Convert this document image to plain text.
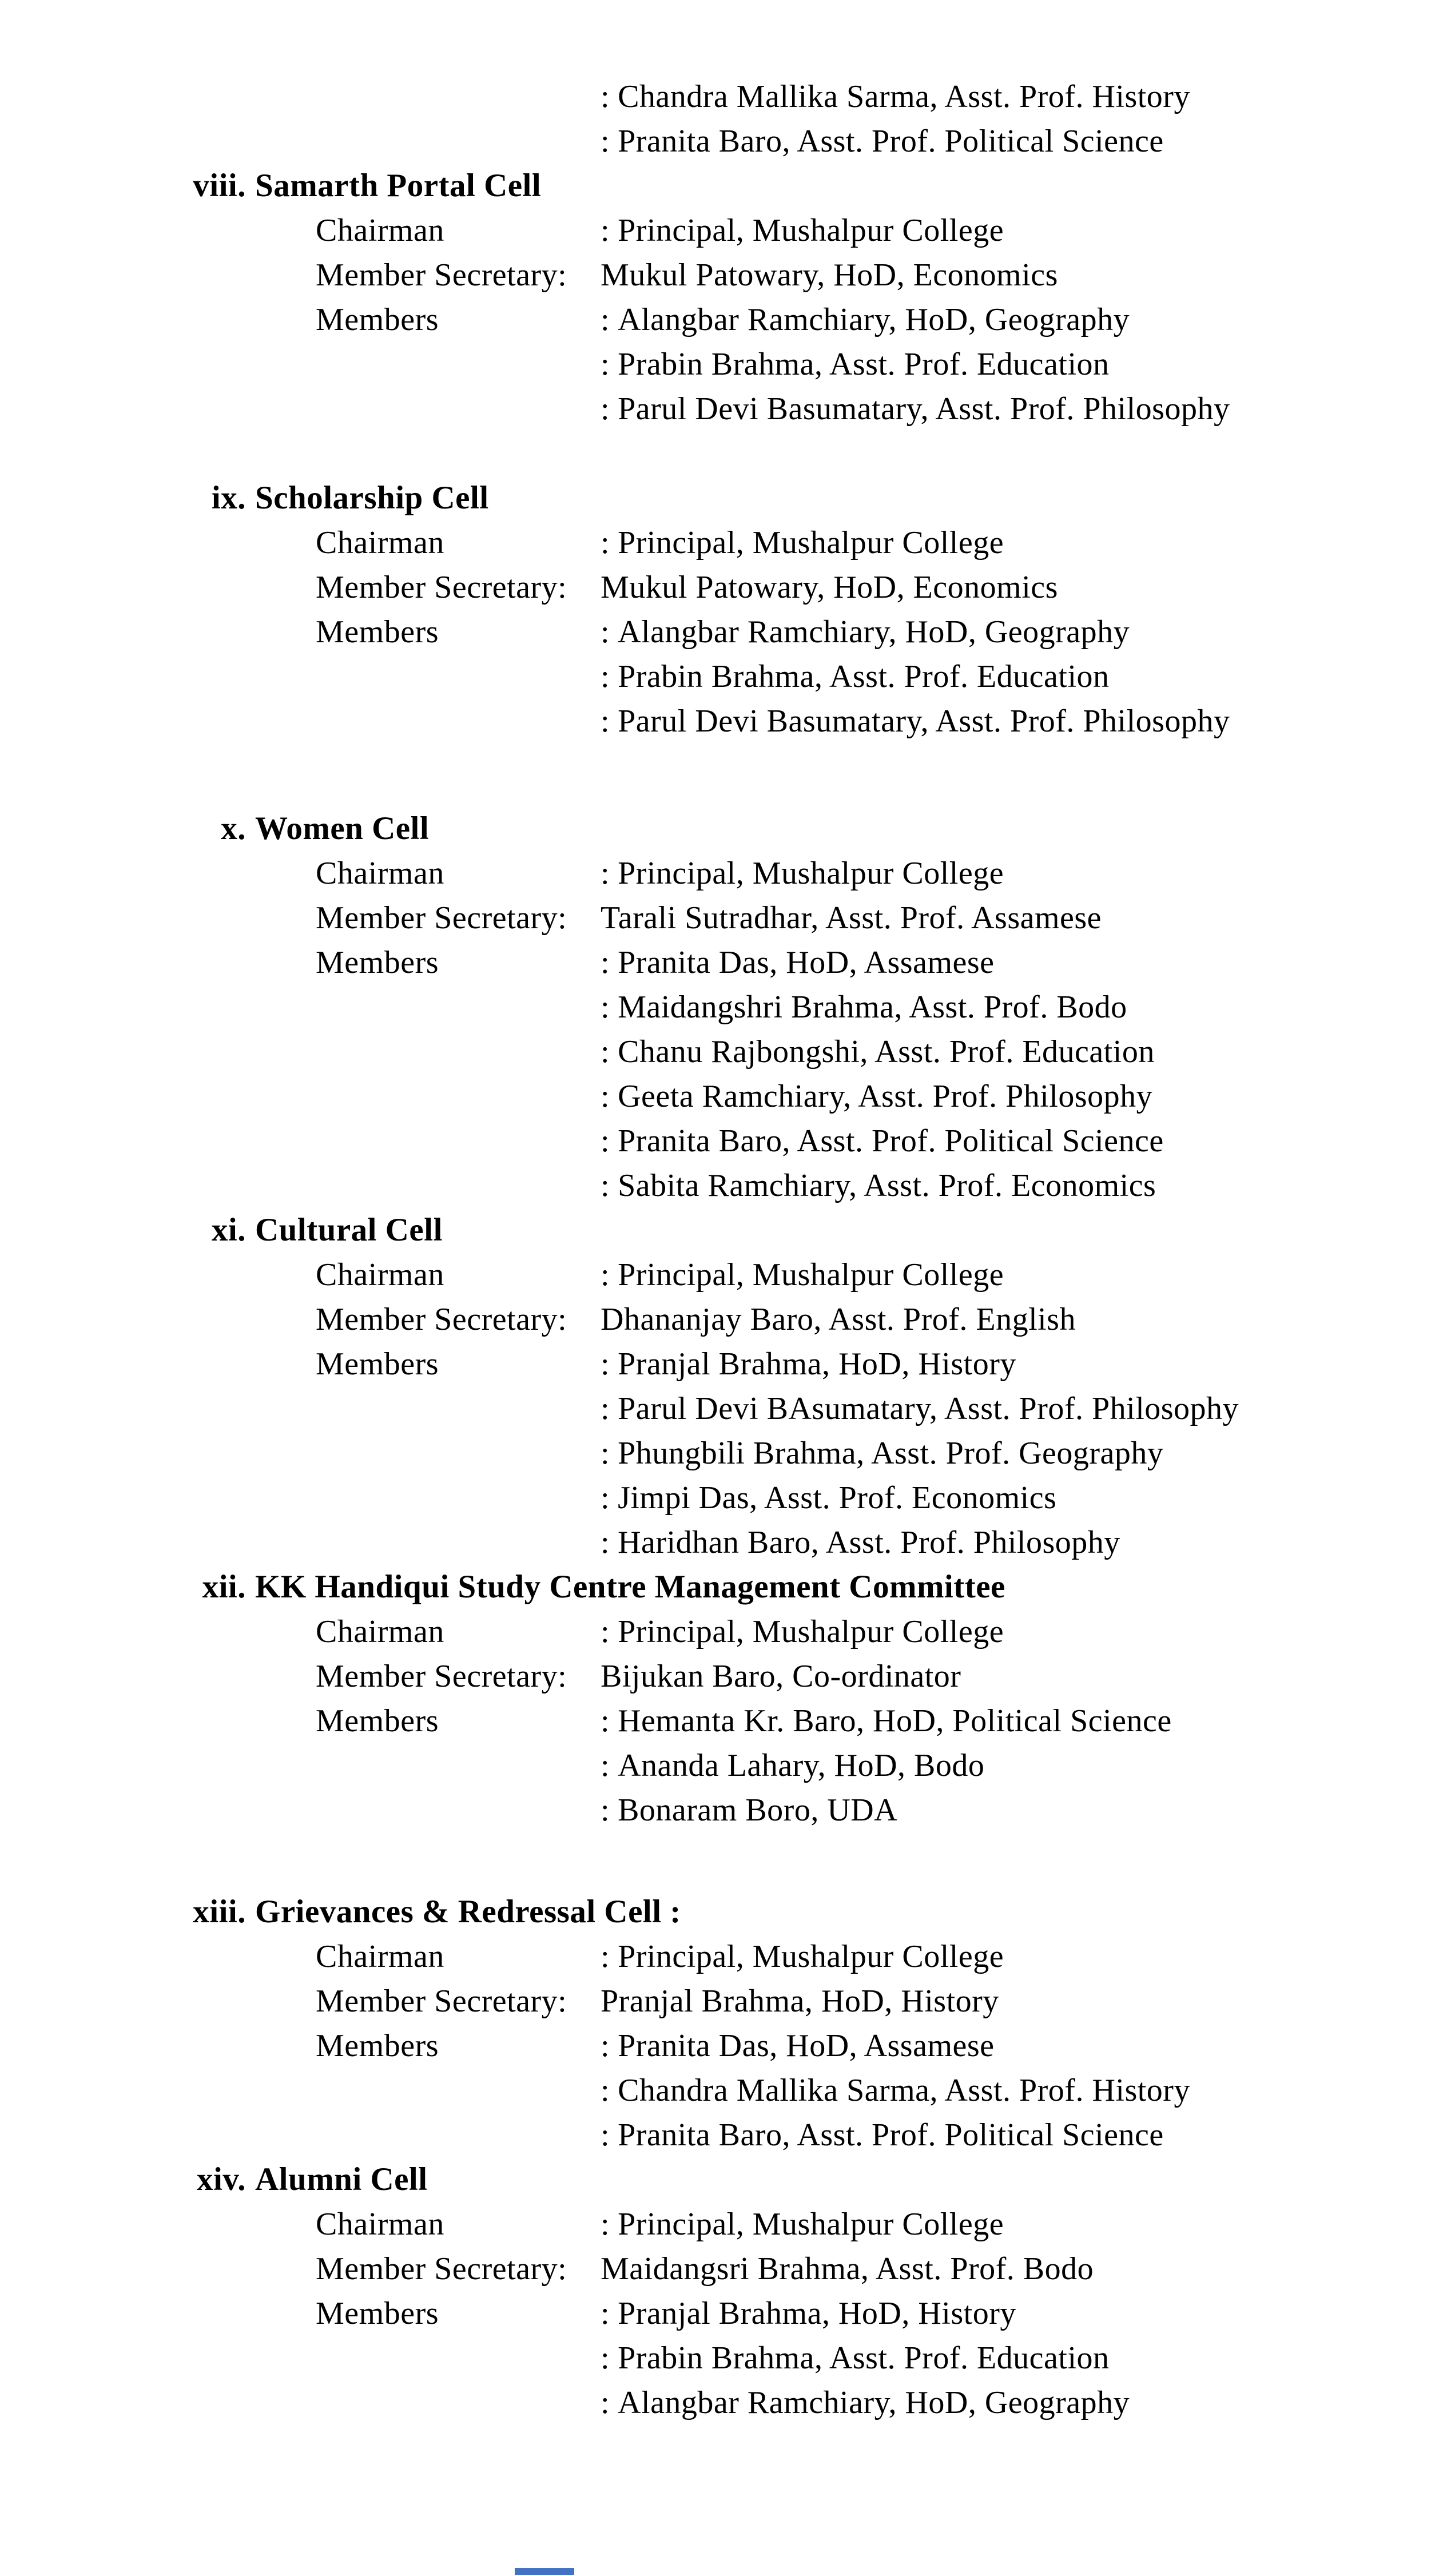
: Chandra Mallika Sarma, Asst. Prof. History
: Pranita Baro, Asst. Prof. Political Science
viii. Samarth Portal Cell
Chairman	: Principal, Mushalpur College
Member Secretary: Mukul Patowary, HoD, Economics
Members	: Alangbar Ramchiary, HoD, Geography
: Prabin Brahma, Asst. Prof. Education
: Parul Devi Basumatary, Asst. Prof. Philosophy
ix. Scholarship Cell
Chairman	: Principal, Mushalpur College
Member Secretary: Mukul Patowary, HoD, Economics
Members	: Alangbar Ramchiary, HoD, Geography
: Prabin Brahma, Asst. Prof. Education
: Parul Devi Basumatary, Asst. Prof. Philosophy
x. Women Cell
Chairman	: Principal, Mushalpur College
Member Secretary: Tarali Sutradhar, Asst. Prof. Assamese
Members	: Pranita Das, HoD, Assamese
: Maidangshri Brahma, Asst. Prof. Bodo
: Chanu Rajbongshi, Asst. Prof. Education
: Geeta Ramchiary, Asst. Prof. Philosophy
: Pranita Baro, Asst. Prof. Political Science
: Sabita Ramchiary, Asst. Prof. Economics
xi. Cultural Cell
Chairman	: Principal, Mushalpur College
Member Secretary: Dhananjay Baro, Asst. Prof. English
Members	: Pranjal Brahma, HoD, History
: Parul Devi BAsumatary, Asst. Prof. Philosophy
: Phungbili Brahma, Asst. Prof. Geography
: Jimpi Das, Asst. Prof. Economics
: Haridhan Baro, Asst. Prof. Philosophy
xii. KK Handiqui Study Centre Management Committee
Chairman	: Principal, Mushalpur College
Member Secretary: Bijukan Baro, Co-ordinator
Members	: Hemanta Kr. Baro, HoD, Political Science
: Ananda Lahary, HoD, Bodo
: Bonaram Boro, UDA
xiii. Grievances & Redressal Cell :
Chairman	: Principal, Mushalpur College
Member Secretary: Pranjal Brahma, HoD, History
Members	: Pranita Das, HoD, Assamese
: Chandra Mallika Sarma, Asst. Prof. History
: Pranita Baro, Asst. Prof. Political Science
xiv. Alumni Cell
Chairman	: Principal, Mushalpur College
Member Secretary: Maidangsri Brahma, Asst. Prof. Bodo
Members	: Pranjal Brahma, HoD, History
: Prabin Brahma, Asst. Prof. Education
: Alangbar Ramchiary, HoD, Geography
